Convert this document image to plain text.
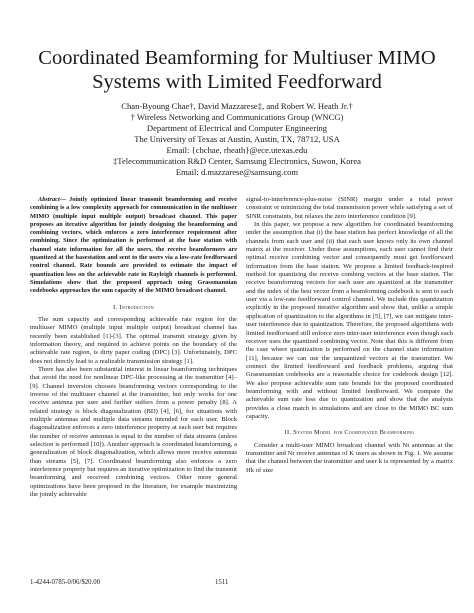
Coordinated Beamforming for Multiuser MIMO
Systems with Limited Feedforward
Chan-Byoung Chae†, David Mazzarese‡, and Robert W. Heath Jr.†
† Wireless Networking and Communications Group (WNCG)
Department of Electrical and Computer Engineering
The University of Texas at Austin, Austin, TX, 78712, USA
Email: {cbchae, rheath}@ece.utexas.edu
‡Telecommunication R&D Center, Samsung Electronics, Suwon, Korea
Email: d.mazzarese@samsung.com

Abstract— Jointly optimized linear transmit beamforming and receive combining is a low complexity approach for communication in the multiuser MIMO (multiple input multiple output) broadcast channel. This paper proposes an iterative algorithm for jointly designing the beamforming and combining vectors, which enforces a zero interference requirement after combining. Since the optimization is performed at the base station with channel state information for all the users, the receive beamformers are quantized at the basestation and sent to the users via a low-rate feedforward control channel. Rate bounds are provided to estimate the impact of quantization loss on the achievable rate in Rayleigh channels is performed. Simulations show that the proposed approach using Grassmannian codebooks approaches the sum capacity of the MIMO broadcast channel.

I. Introduction

The sum capacity and corresponding achievable rate region for the multiuser MIMO (multiple input multiple output) broadcast channel has recently been established [1]-[3]. The optimal transmit strategy given by information theory, and required to achieve points on the boundary of the achievable rate region, is dirty paper coding (DPC) [3]. Unfortunately, DPC does not directly lead to a realizable transmission strategy [1].

There has also been substantial interest in linear beamforming techniques that avoid the need for nonlinear DPC-like processing at the transmitter [4]–[9]. Channel inversion chooses beamforming vectors corresponding to the inverse of the multiuser channel at the transmitter, but only works for one receive antenna per user and further suffers from a power penalty [8]. A related strategy is block diagonalization (BD) [4], [6], for situations with multiple antennas and multiple data streams intended for each user. Block diagonalization enforces a zero interference property at each user but requires the number of receive antennas is equal to the number of data streams (unless selection is performed [10]). Another approach is coordinated beamforming, a generalization of block diagonalization, which allows more receive antennas than streams [5], [7]. Coordinated beamforming also enforces a zero interference property but requires an iterative optimization to find the transmit beamforming and received combining vectors. Other more general optimizations have been proposed in the literature, for example maximizing the jointly achievable

signal-to-interference-plus-noise (SINR) margin under a total power constraint or minimizing the total transmission power while satisfying a set of SINR constraints, but relaxes the zero interference condition [9].

In this paper, we propose a new algorithm for coordinated beamforming under the assumption that (i) the base station has perfect knowledge of all the channels from each user and (ii) that each user knows only its own channel matrix at the receiver. Under these assumptions, each user cannot find their optimal receive combining vector and consequently must get feedforward information from the base station. We propose a limited feedback-inspired method for quantizing the receive combing vectors at the base station. The receive beamforming vectors for each user are quantized at the transmitter and the index of the best vector from a beamforming codebook is sent to each user via a low-rate feedforward control channel. We include this quantization explicitly in the proposed iterative algorithm and show that, unlike a simple application of quantization to the algorithms in [5], [7], we can mitigate inter-user interference due to quantization. Therefore, the proposed algorithms with limited feedforward still enforce zero inter-user interference even though each receiver uses the quantized combining vector. Note that this is different from the case where quantization is performed on the channel state information [11], because we can use the unquantized vectors at the transmitter. We connect the limited feedforward and feedback problems, arguing that Grassmannian codebooks are a reasonable choice for codebook design [12]. We also propose achievable sum rate bounds for the proposed coordinated beamforming with and without limited feedforward. We compare the achievable sum rate loss due to quantization and show that the analysis provides a close match to simulations and are close to the MIMO BC sum capacity.

II. System Model for Coordinated Beamforming

Consider a multi-user MIMO broadcast channel with Nt antennas at the transmitter and Nr receive antennas of K users as shown in Fig. 1. We assume that the channel between the transmitter and user k is represented by a matrix Hk of size

1-4244-0785-0/06/$20.00	1511
